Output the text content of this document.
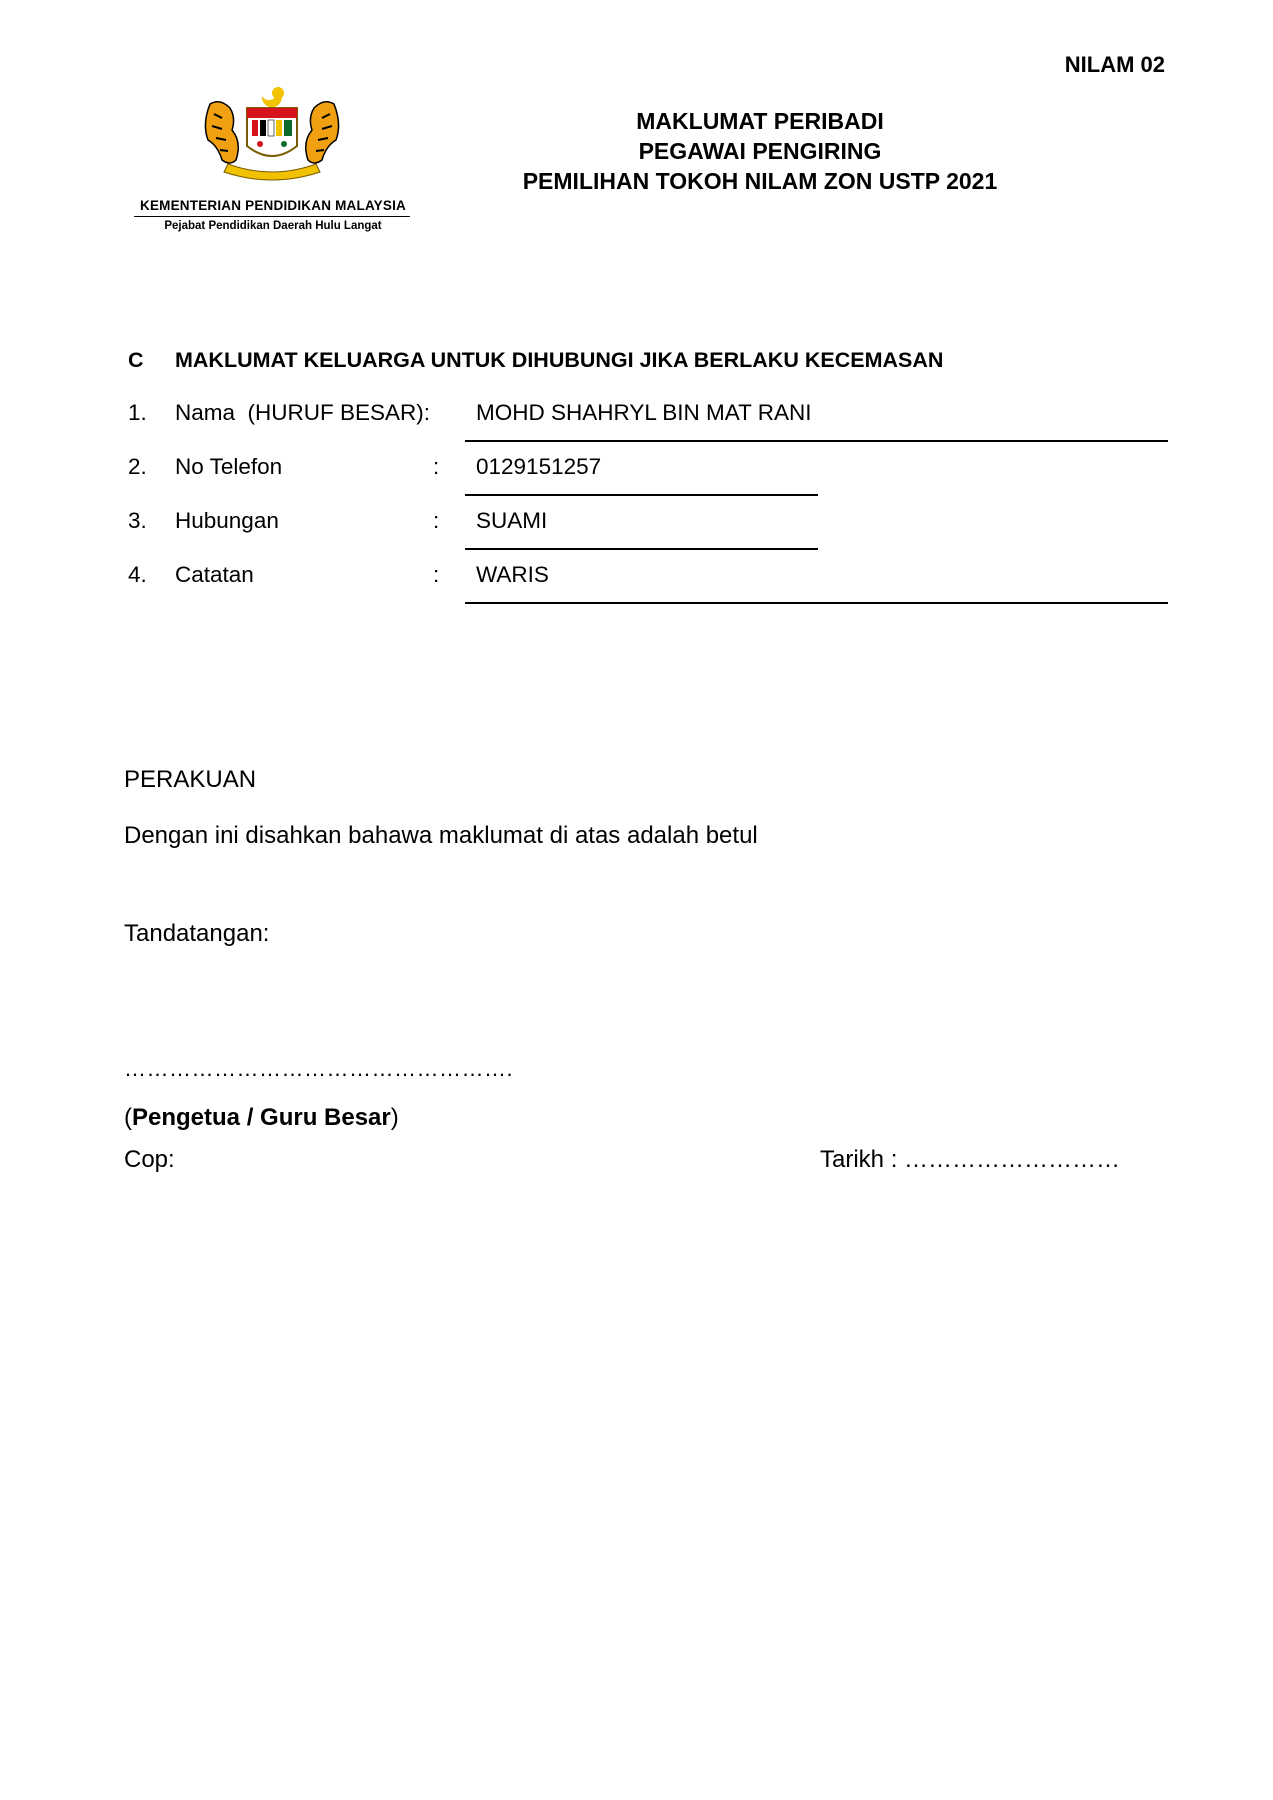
NILAM 02
KEMENTERIAN PENDIDIKAN MALAYSIA
Pejabat Pendidikan Daerah Hulu Langat
MAKLUMAT PERIBADI
PEGAWAI PENGIRING
PEMILIHAN TOKOH NILAM ZON USTP 2021
C MAKLUMAT KELUARGA UNTUK DIHUBUNGI JIKA BERLAKU KECEMASAN
1. Nama  (HURUF BESAR): MOHD SHAHRYL BIN MAT RANI
2. No Telefon	: 0129151257
3. Hubungan	: SUAMI
4. Catatan	: WARIS
PERAKUAN
Dengan ini disahkan bahawa maklumat di atas adalah betul
Tandatangan:
…………………………………………….
(Pengetua / Guru Besar)
Cop:	Tarikh : ………………………
